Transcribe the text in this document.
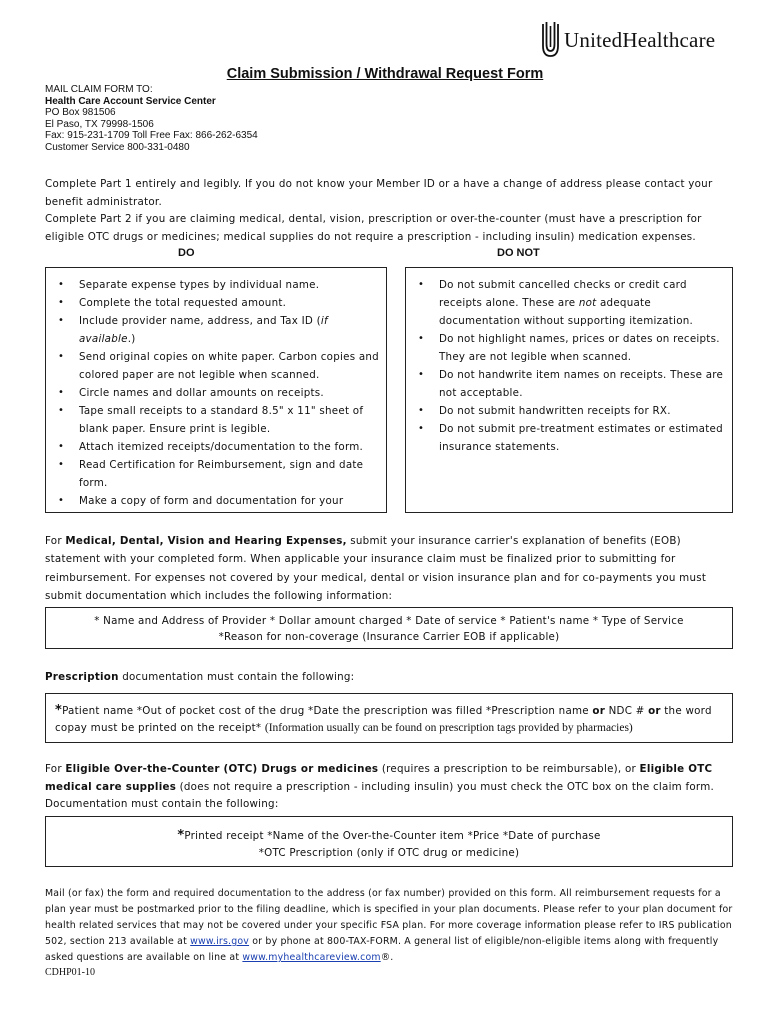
UnitedHealthcare
Claim Submission / Withdrawal Request Form
MAIL CLAIM FORM TO:
Health Care Account Service Center
PO Box 981506
El Paso, TX 79998-1506
Fax: 915-231-1709 Toll Free Fax: 866-262-6354
Customer Service 800-331-0480
Complete Part 1 entirely and legibly. If you do not know your Member ID or a have a change of address please contact your benefit administrator.
Complete Part 2 if you are claiming medical, dental, vision, prescription or over-the-counter (must have a prescription for eligible OTC drugs or medicines; medical supplies do not require a prescription - including insulin) medication expenses.
DO	DO NOT
• Separate expense types by individual name.
• Complete the total requested amount.
• Include provider name, address, and Tax ID (if available.)
• Send original copies on white paper. Carbon copies and colored paper are not legible when scanned.
• Circle names and dollar amounts on receipts.
• Tape small receipts to a standard 8.5" x 11" sheet of blank paper. Ensure print is legible.
• Attach itemized receipts/documentation to the form.
• Read Certification for Reimbursement, sign and date form.
• Make a copy of form and documentation for your
• Do not submit cancelled checks or credit card receipts alone. These are not adequate documentation without supporting itemization.
• Do not highlight names, prices or dates on receipts. They are not legible when scanned.
• Do not handwrite item names on receipts. These are not acceptable.
• Do not submit handwritten receipts for RX.
• Do not submit pre-treatment estimates or estimated insurance statements.
For Medical, Dental, Vision and Hearing Expenses, submit your insurance carrier's explanation of benefits (EOB) statement with your completed form. When applicable your insurance claim must be finalized prior to submitting for reimbursement. For expenses not covered by your medical, dental or vision insurance plan and for co-payments you must submit documentation which includes the following information:
* Name and Address of Provider * Dollar amount charged * Date of service * Patient's name * Type of Service
*Reason for non-coverage (Insurance Carrier EOB if applicable)
Prescription documentation must contain the following:
*Patient name *Out of pocket cost of the drug *Date the prescription was filled *Prescription name or NDC # or the word copay must be printed on the receipt* (Information usually can be found on prescription tags provided by pharmacies)
For Eligible Over-the-Counter (OTC) Drugs or medicines (requires a prescription to be reimbursable), or Eligible OTC medical care supplies (does not require a prescription - including insulin) you must check the OTC box on the claim form. Documentation must contain the following:
*Printed receipt *Name of the Over-the-Counter item *Price *Date of purchase
*OTC Prescription (only if OTC drug or medicine)
Mail (or fax) the form and required documentation to the address (or fax number) provided on this form. All reimbursement requests for a plan year must be postmarked prior to the filing deadline, which is specified in your plan documents. Please refer to your plan document for health related services that may not be covered under your specific FSA plan. For more coverage information please refer to IRS publication 502, section 213 available at www.irs.gov or by phone at 800-TAX-FORM. A general list of eligible/non-eligible items along with frequently asked questions are available on line at www.myhealthcareview.com®.
CDHP01-10
